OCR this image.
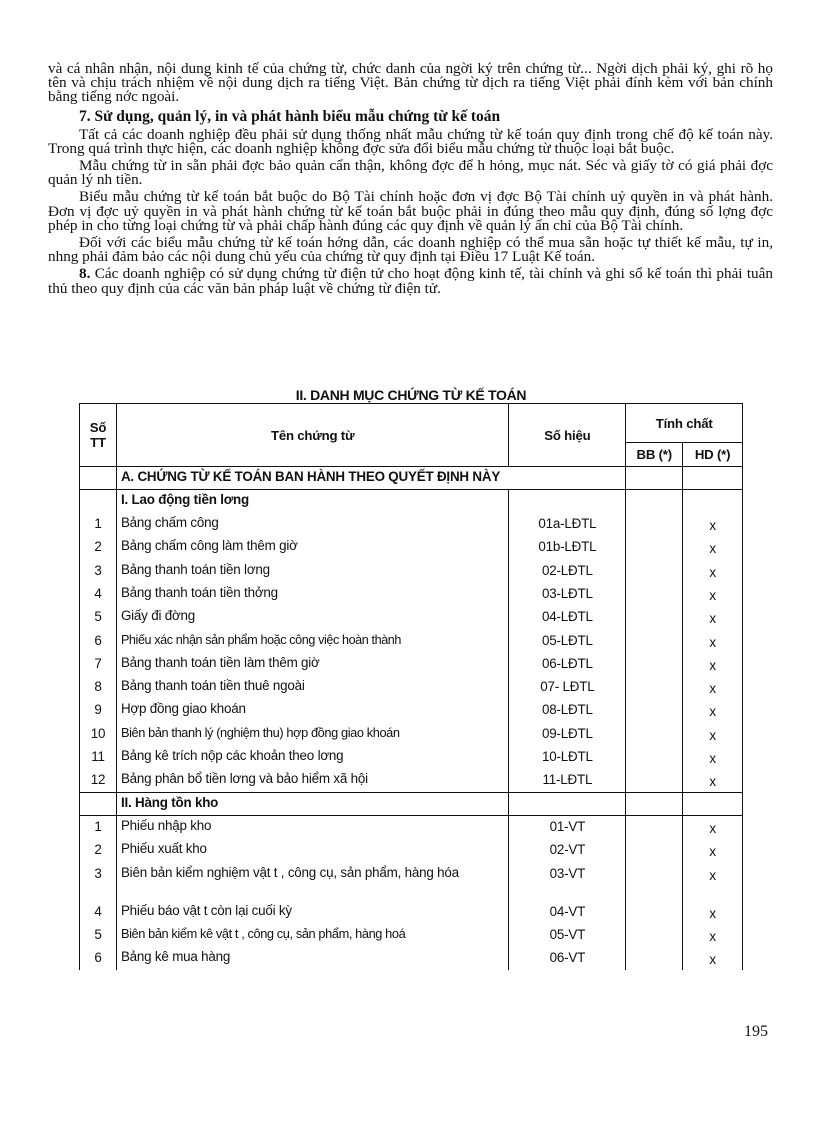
và cá nhân nhận, nội dung kinh tế của chứng từ, chức danh của ngời ký trên chứng từ... Ngời dịch phải ký, ghi rõ họ tên và chịu trách nhiệm về nội dung dịch ra tiếng Việt. Bản chứng từ dịch ra tiếng Việt phải đính kèm với bản chính bằng tiếng nớc ngoài.

7. Sử dụng, quản lý, in và phát hành biểu mẫu chứng từ kế toán

Tất cả các doanh nghiệp đều phải sử dụng thống nhất mẫu chứng từ kế toán quy định trong chế độ kế toán này. Trong quá trình thực hiện, các doanh nghiệp không đợc sửa đổi biểu mẫu chứng từ thuộc loại bắt buộc.

Mẫu chứng từ in sẵn phải đợc bảo quản cẩn thận, không đợc để h hỏng, mục nát. Séc và giấy tờ có giá phải đợc quản lý nh tiền.

Biểu mẫu chứng từ kế toán bắt buộc do Bộ Tài chính hoặc đơn vị đợc Bộ Tài chính uỷ quyền in và phát hành. Đơn vị đợc uỷ quyền in và phát hành chứng từ kế toán bắt buộc phải in đúng theo mẫu quy định, đúng số lợng đợc phép in cho từng loại chứng từ và phải chấp hành đúng các quy định về quản lý ấn chỉ của Bộ Tài chính.

Đối với các biểu mẫu chứng từ kế toán hớng dẫn, các doanh nghiệp có thể mua sẵn hoặc tự thiết kế mẫu, tự in, nhng phải đảm bảo các nội dung chủ yếu của chứng từ quy định tại Điều 17 Luật Kế toán.

8. Các doanh nghiệp có sử dụng chứng từ điện tử cho hoạt động kinh tế, tài chính và ghi sổ kế toán thì phải tuân thủ theo quy định của các văn bản pháp luật về chứng từ điện tử.

II. DANH MỤC CHỨNG TỪ KẾ TOÁN
Số TT	Tên chứng từ	Số hiệu	Tính chất	
			BB (*)	HD (*)
	A. CHỨNG TỪ KẾ TOÁN BAN HÀNH THEO QUYẾT ĐỊNH NÀY			
	I. Lao động tiền lơng			
1	Bảng chấm công	01a-LĐTL		x
2	Bảng chấm công làm thêm giờ	01b-LĐTL		x
3	Bảng thanh toán tiền lơng	02-LĐTL		x
4	Bảng thanh toán tiền thởng	03-LĐTL		x
5	Giấy đi đờng	04-LĐTL		x
6	Phiếu xác nhận sản phẩm hoặc công việc hoàn thành	05-LĐTL		x
7	Bảng thanh toán tiền làm thêm giờ	06-LĐTL		x
8	Bảng thanh toán tiền thuê ngoài	07- LĐTL		x
9	Hợp đồng giao khoán	08-LĐTL		x
10	Biên bản thanh lý (nghiệm thu) hợp đồng giao khoán	09-LĐTL		x
11	Bảng kê trích nộp các khoản theo lơng	10-LĐTL		x
12	Bảng phân bổ tiền lơng và bảo hiểm xã hội	11-LĐTL		x
	II. Hàng tồn kho			
1	Phiếu nhập kho	01-VT		x
2	Phiếu xuất kho	02-VT		x
3	Biên bản kiểm nghiệm vật t , công cụ, sản phẩm, hàng hóa	03-VT		x
4	Phiếu báo vật t còn lại cuối kỳ	04-VT		x
5	Biên bản kiểm kê vật t , công cụ, sản phẩm, hàng hoá	05-VT		x
6	Bảng kê mua hàng	06-VT		x
195
